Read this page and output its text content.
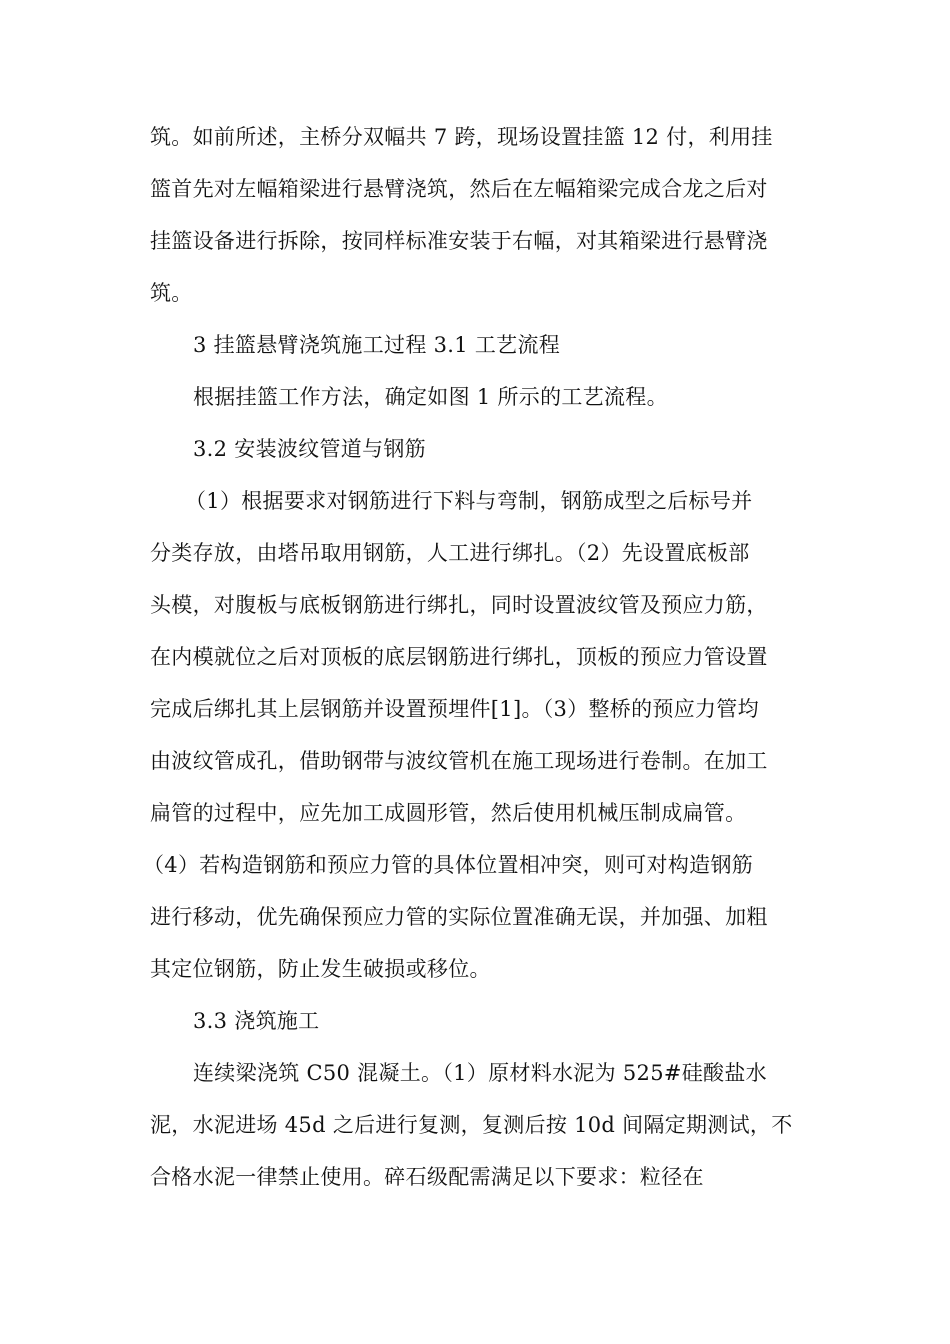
筑。如前所述，主桥分双幅共 7 跨，现场设置挂篮 12 付，利用挂
篮首先对左幅箱梁进行悬臂浇筑，然后在左幅箱梁完成合龙之后对
挂篮设备进行拆除，按同样标准安装于右幅，对其箱梁进行悬臂浇
筑。
3 挂篮悬臂浇筑施工过程 3.1 工艺流程
根据挂篮工作方法，确定如图 1 所示的工艺流程。
3.2 安装波纹管道与钢筋
（1）根据要求对钢筋进行下料与弯制，钢筋成型之后标号并
分类存放，由塔吊取用钢筋，人工进行绑扎。（2）先设置底板部
头模，对腹板与底板钢筋进行绑扎，同时设置波纹管及预应力筋，
在内模就位之后对顶板的底层钢筋进行绑扎，顶板的预应力管设置
完成后绑扎其上层钢筋并设置预埋件[1]。（3）整桥的预应力管均
由波纹管成孔，借助钢带与波纹管机在施工现场进行卷制。在加工
扁管的过程中，应先加工成圆形管，然后使用机械压制成扁管。
（4）若构造钢筋和预应力管的具体位置相冲突，则可对构造钢筋
进行移动，优先确保预应力管的实际位置准确无误，并加强、加粗
其定位钢筋，防止发生破损或移位。
3.3 浇筑施工
连续梁浇筑 C50 混凝土。（1）原材料水泥为 525#硅酸盐水
泥，水泥进场 45d 之后进行复测，复测后按 10d 间隔定期测试，不
合格水泥一律禁止使用。碎石级配需满足以下要求：粒径在
